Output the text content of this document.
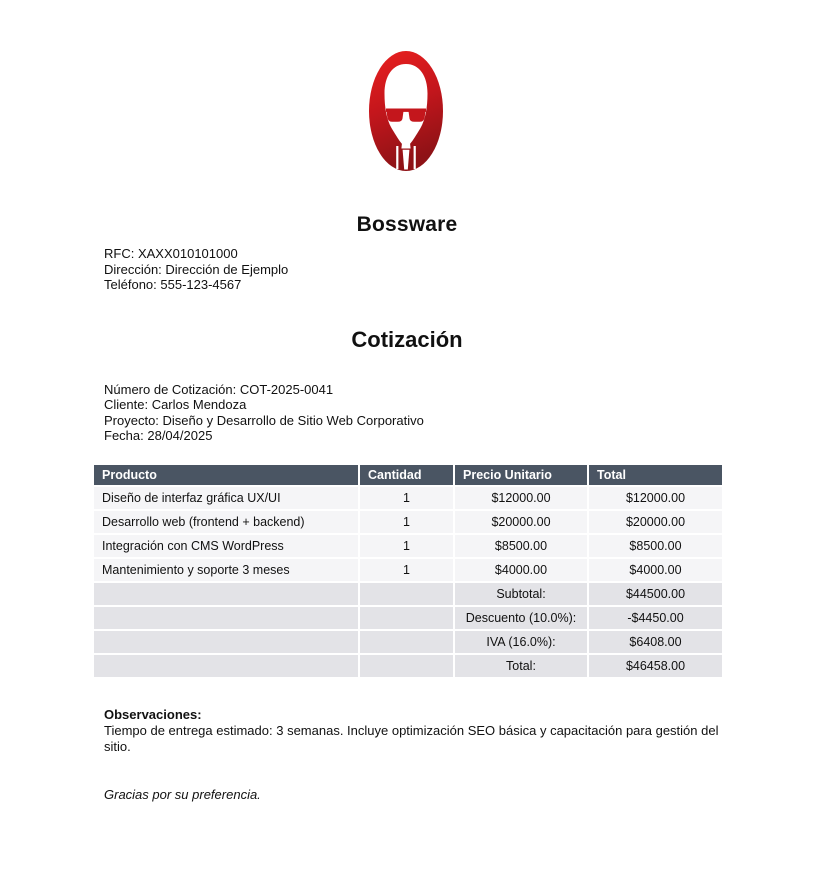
Bossware
RFC: XAXX010101000
Dirección: Dirección de Ejemplo
Teléfono: 555-123-4567
Cotización
Número de Cotización: COT-2025-0041
Cliente: Carlos Mendoza
Proyecto: Diseño y Desarrollo de Sitio Web Corporativo
Fecha: 28/04/2025
Producto	Cantidad	Precio Unitario	Total
Diseño de interfaz gráfica UX/UI	1	$12000.00	$12000.00
Desarrollo web (frontend + backend)	1	$20000.00	$20000.00
Integración con CMS WordPress	1	$8500.00	$8500.00
Mantenimiento y soporte 3 meses	1	$4000.00	$4000.00
		Subtotal:	$44500.00
		Descuento (10.0%):	-$4450.00
		IVA (16.0%):	$6408.00
		Total:	$46458.00
Observaciones:
Tiempo de entrega estimado: 3 semanas. Incluye optimización SEO básica y capacitación para gestión del sitio.
Gracias por su preferencia.
